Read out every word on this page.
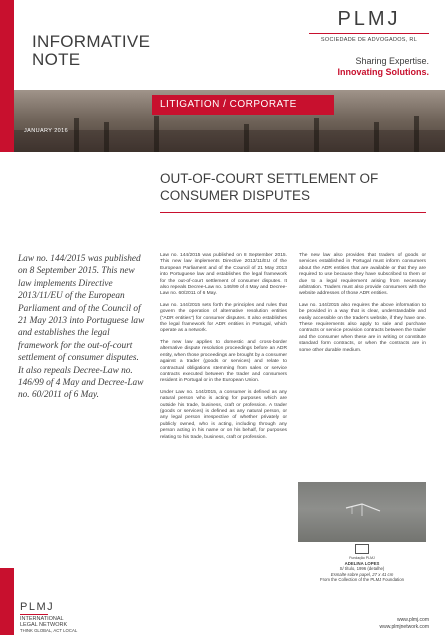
INFORMATIVE
NOTE
PLMJ
SOCIEDADE DE ADVOGADOS, RL
Sharing Expertise.
Innovating Solutions.
LITIGATION / CORPORATE
JANUARY 2016
OUT-OF-COURT SETTLEMENT OF CONSUMER DISPUTES
Law no. 144/2015 was published on 8 September 2015. This new law implements Directive 2013/11/EU of the European Parliament and of the Council of 21 May 2013 into Portuguese law and establishes the legal framework for the out-of-court settlement of consumer disputes. It also repeals Decree-Law no. 146/99 of 4 May and Decree-Law no. 60/2011 of 6 May.

Law no. 144/2015 was published on 8 September 2015. This new law implements Directive 2013/11/EU of the European Parliament and of the Council of 21 May 2013 into Portuguese law and establishes the legal framework for the out-of-court settlement of consumer disputes. It also repeals Decree-Law no. 146/99 of 4 May and Decree-Law no. 60/2011 of 6 May.

Law no. 144/2015 sets forth the principles and rules that govern the operation of alternative resolution entities ("ADR entities") for consumer disputes. It also establishes the legal framework for ADR entities in Portugal, which operate as a network.

The new law applies to domestic and cross-border alternative dispute resolution proceedings before an ADR entity, when those proceedings are brought by a consumer against a trader (goods or services) and relate to contractual obligations stemming from sales or service contracts executed between the trader and consumers resident in Portugal or in the European Union.

Under Law no. 144/2015, a consumer is defined as any natural person who is acting for purposes which are outside his trade, business, craft or profession. A trader (goods or services) is defined as any natural person, or any legal person irrespective of whether privately or publicly owned, who is acting, including through any person acting in his name or on his behalf, for purposes relating to his trade, business, craft or profession.

The new law also provides that traders of goods or services established in Portugal must inform consumers about the ADR entities that are available or that they are required to use because they have subscribed to them or due to a legal requirement arising from necessary arbitration. Traders must also provide consumers with the website addresses of those ADR entities.

Law no. 144/2015 also requires the above information to be provided in a way that is clear, understandable and easily accessible on the trader's website, if they have one. These requirements also apply to sale and purchase contracts or service provision contracts between the trader and the consumer when these are in writing or constitute standard form contracts, or when the contracts are in some other durable medium.

Fundação PLMJ
ADELINA LOPES
S/ título, 1996 (detalhe)
Esmalte sobre papel, 27 x 41 cm
From the Collection of the PLMJ Foundation
PLMJ
INTERNATIONAL
LEGAL NETWORK
THINK GLOBAL, ACT LOCAL
www.plmj.com
www.plmjnetwork.com
